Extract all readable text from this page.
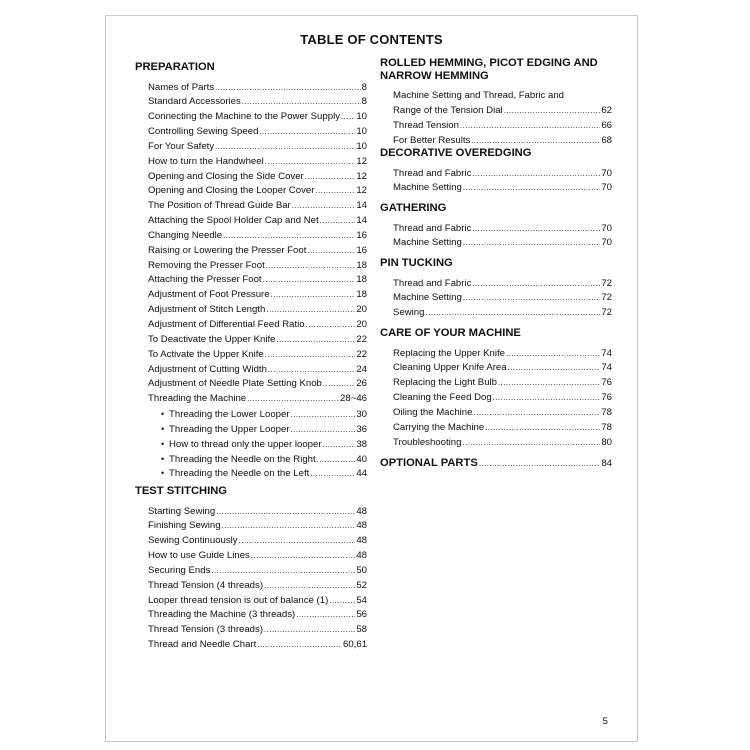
TABLE OF CONTENTS
PREPARATION
Names of Parts .....	8
Standard Accessories .....	8
Connecting the Machine to the Power Supply ..... 10
Controlling Sewing Speed .....	10
For Your Safety .....	10
How to turn the Handwheel .....	12
Opening and Closing the Side Cover .....	12
Opening and Closing the Looper Cover .....	12
The Position of Thread Guide Bar .....	14
Attaching the Spool Holder Cap and Net .....	14
Changing Needle .....	16
Raising or Lowering the Presser Foot .....	16
Removing the Presser Foot .....	18
Attaching the Presser Foot .....	18
Adjustment of Foot Pressure .....	18
Adjustment of Stitch Length .....	20
Adjustment of Differential Feed Ratio .....	20
To Deactivate the Upper Knife .....	22
To Activate the Upper Knife .....	22
Adjustment of Cutting Width .....	24
Adjustment of Needle Plate Setting Knob .....	26
Threading the Machine .....	28~46
• Threading the Lower Looper .....	30
• Threading the Upper Looper .....	36
• How to thread only the upper looper .....	38
• Threading the Needle on the Right .....	40
• Threading the Needle on the Left .....	44
TEST STITCHING
Starting Sewing .....	48
Finishing Sewing .....	48
Sewing Continuously .....	48
How to use Guide Lines .....	48
Securing Ends .....	50
Thread Tension (4 threads) .....	52
Looper thread tension is out of balance (1) .....	54
Threading the Machine (3 threads) .....	56
Thread Tension (3 threads) .....	58
Thread and Needle Chart .....	60,61
ROLLED HEMMING, PICOT EDGING AND NARROW HEMMING
Machine Setting and Thread, Fabric and
Range of the Tension Dial .....	62
Thread Tension .....	66
For Better Results .....	68
DECORATIVE OVEREDGING
Thread and Fabric .....	70
Machine Setting .....	70
GATHERING
Thread and Fabric .....	70
Machine Setting .....	70
PIN TUCKING
Thread and Fabric .....	72
Machine Setting .....	72
Sewing .....	72
CARE OF YOUR MACHINE
Replacing the Upper Knife .....	74
Cleaning Upper Knife Area .....	74
Replacing the Light Bulb .....	76
Cleaning the Feed Dog .....	76
Oiling the Machine .....	78
Carrying the Machine .....	78
Troubleshooting .....	80
OPTIONAL PARTS .....	84
5
